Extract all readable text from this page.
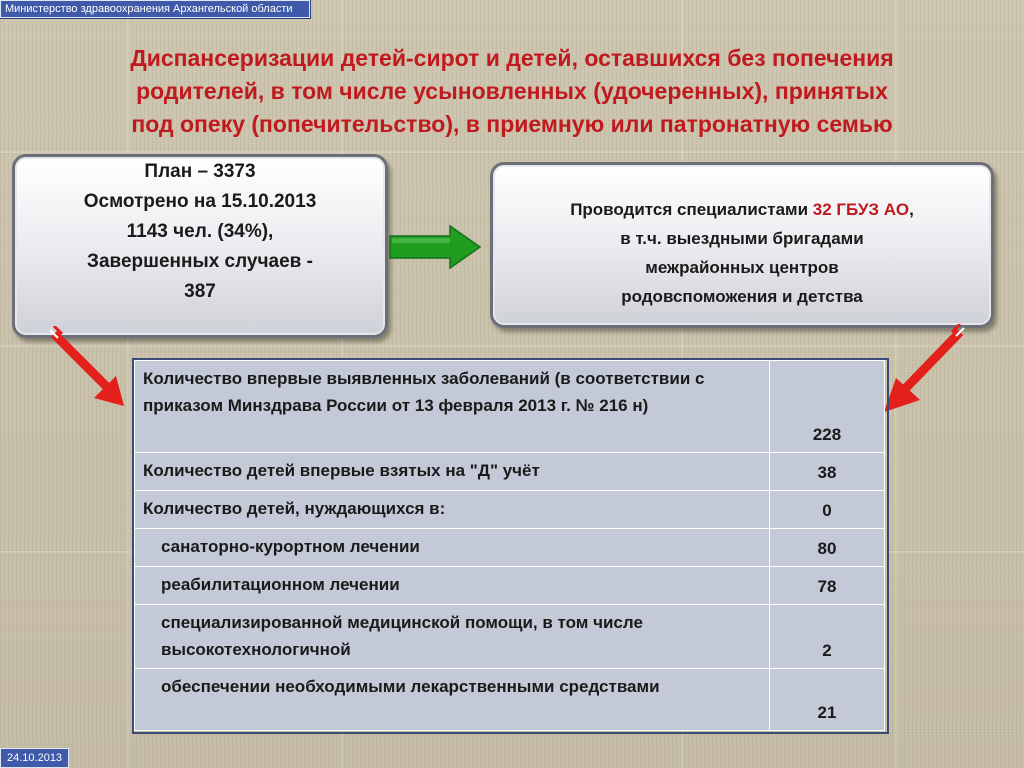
Министерство здравоохранения Архангельской области
Диспансеризации детей-сирот и детей, оставшихся без попечения
родителей, в том числе усыновленных (удочеренных), принятых
под опеку (попечительство), в приемную или патронатную семью
План – 3373
Осмотрено на 15.10.2013
1143 чел. (34%),
Завершенных случаев -
387
Проводится специалистами 32 ГБУЗ АО,
в т.ч. выездными бригадами
межрайонных центров
родовспоможения и детства
Количество впервые выявленных заболеваний (в соответствии с приказом Минздрава России от 13 февраля 2013 г. № 216 н)	228
Количество детей впервые взятых на "Д" учёт	38
Количество детей, нуждающихся в:	0
санаторно-курортном лечении	80
реабилитационном лечении	78
специализированной медицинской помощи, в том числе высокотехнологичной	2
обеспечении необходимыми лекарственными средствами	21
24.10.2013
